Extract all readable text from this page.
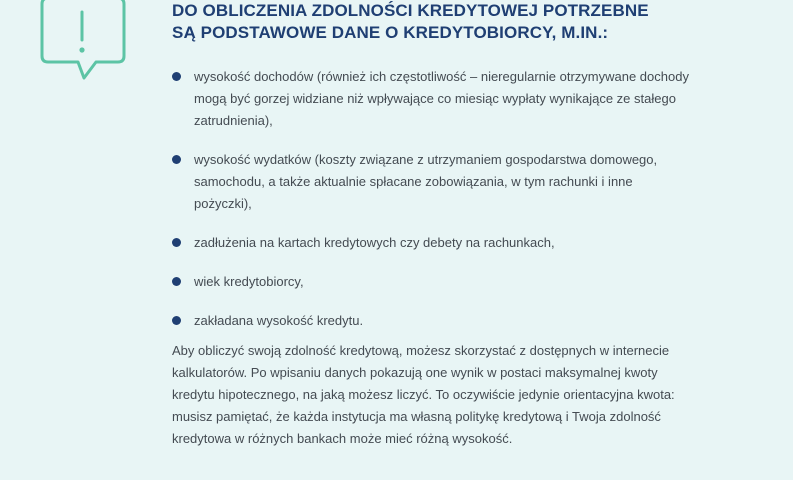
DO OBLICZENIA ZDOLNOŚCI KREDYTOWEJ POTRZEBNE
SĄ PODSTAWOWE DANE O KREDYTOBIORCY, M.IN.:
wysokość dochodów (również ich częstotliwość – nieregularnie otrzymywane dochody mogą być gorzej widziane niż wpływające co miesiąc wypłaty wynikające ze stałego zatrudnienia),
wysokość wydatków (koszty związane z utrzymaniem gospodarstwa domowego, samochodu, a także aktualnie spłacane zobowiązania, w tym rachunki i inne pożyczki),
zadłużenia na kartach kredytowych czy debety na rachunkach,
wiek kredytobiorcy,
zakładana wysokość kredytu.

Aby obliczyć swoją zdolność kredytową, możesz skorzystać z dostępnych w internecie kalkulatorów. Po wpisaniu danych pokazują one wynik w postaci maksymalnej kwoty kredytu hipotecznego, na jaką możesz liczyć. To oczywiście jedynie orientacyjna kwota: musisz pamiętać, że każda instytucja ma własną politykę kredytową i Twoja zdolność kredytowa w różnych bankach może mieć różną wysokość.
